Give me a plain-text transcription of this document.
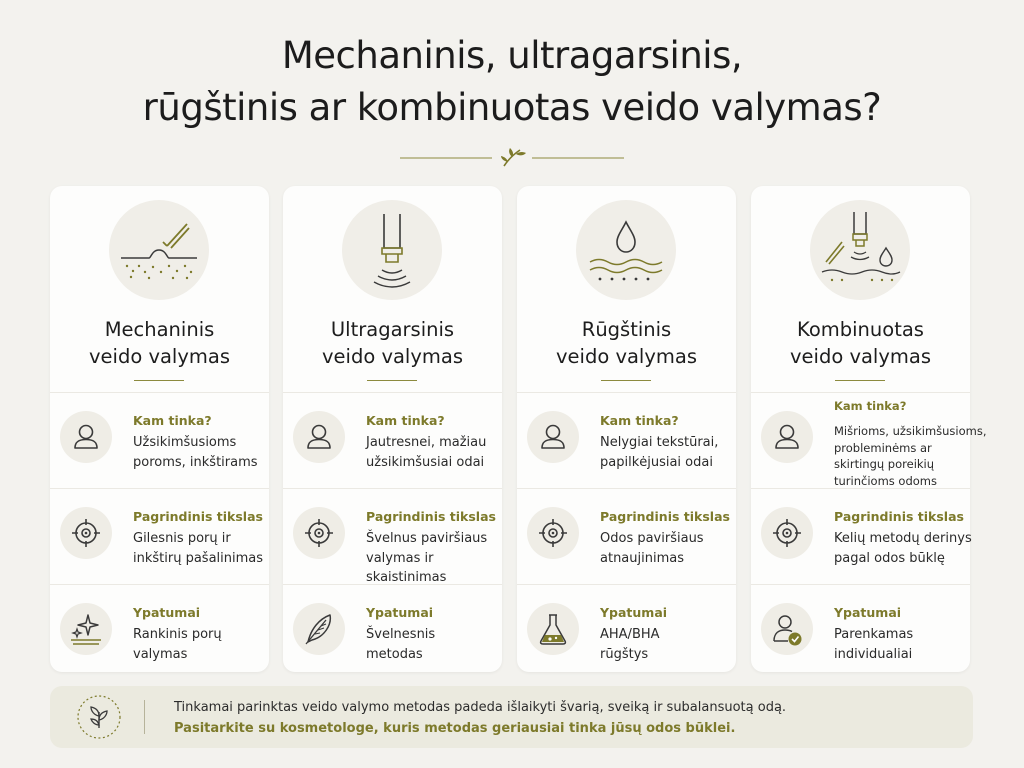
Mechaninis, ultragarsinis,
rūgštinis ar kombinuotas veido valymas?
Mechaninis
veido valymas
Kam tinka?
Užsikimšusioms
poroms, inkštirams
Pagrindinis tikslas
Gilesnis porų ir
inkštirų pašalinimas
Ypatumai
Rankinis porų
valymas
Ultragarsinis
veido valymas
Kam tinka?
Jautresnei, mažiau
užsikimšusiai odai
Pagrindinis tikslas
Švelnus paviršiaus
valymas ir
skaistinimas
Ypatumai
Švelnesnis
metodas
Rūgštinis
veido valymas
Kam tinka?
Nelygiai tekstūrai,
papilkėjusiai odai
Pagrindinis tikslas
Odos paviršiaus
atnaujinimas
Ypatumai
AHA/BHA
rūgštys
Kombinuotas
veido valymas
Kam tinka?
Mišrioms, užsikimšusioms,
probleminėms ar
skirtingų poreikių
turinčioms odoms
Pagrindinis tikslas
Kelių metodų derinys
pagal odos būklę
Ypatumai
Parenkamas
individualiai
Tinkamai parinktas veido valymo metodas padeda išlaikyti švarią, sveiką ir subalansuotą odą.
Pasitarkite su kosmetologe, kuris metodas geriausiai tinka jūsų odos būklei.
